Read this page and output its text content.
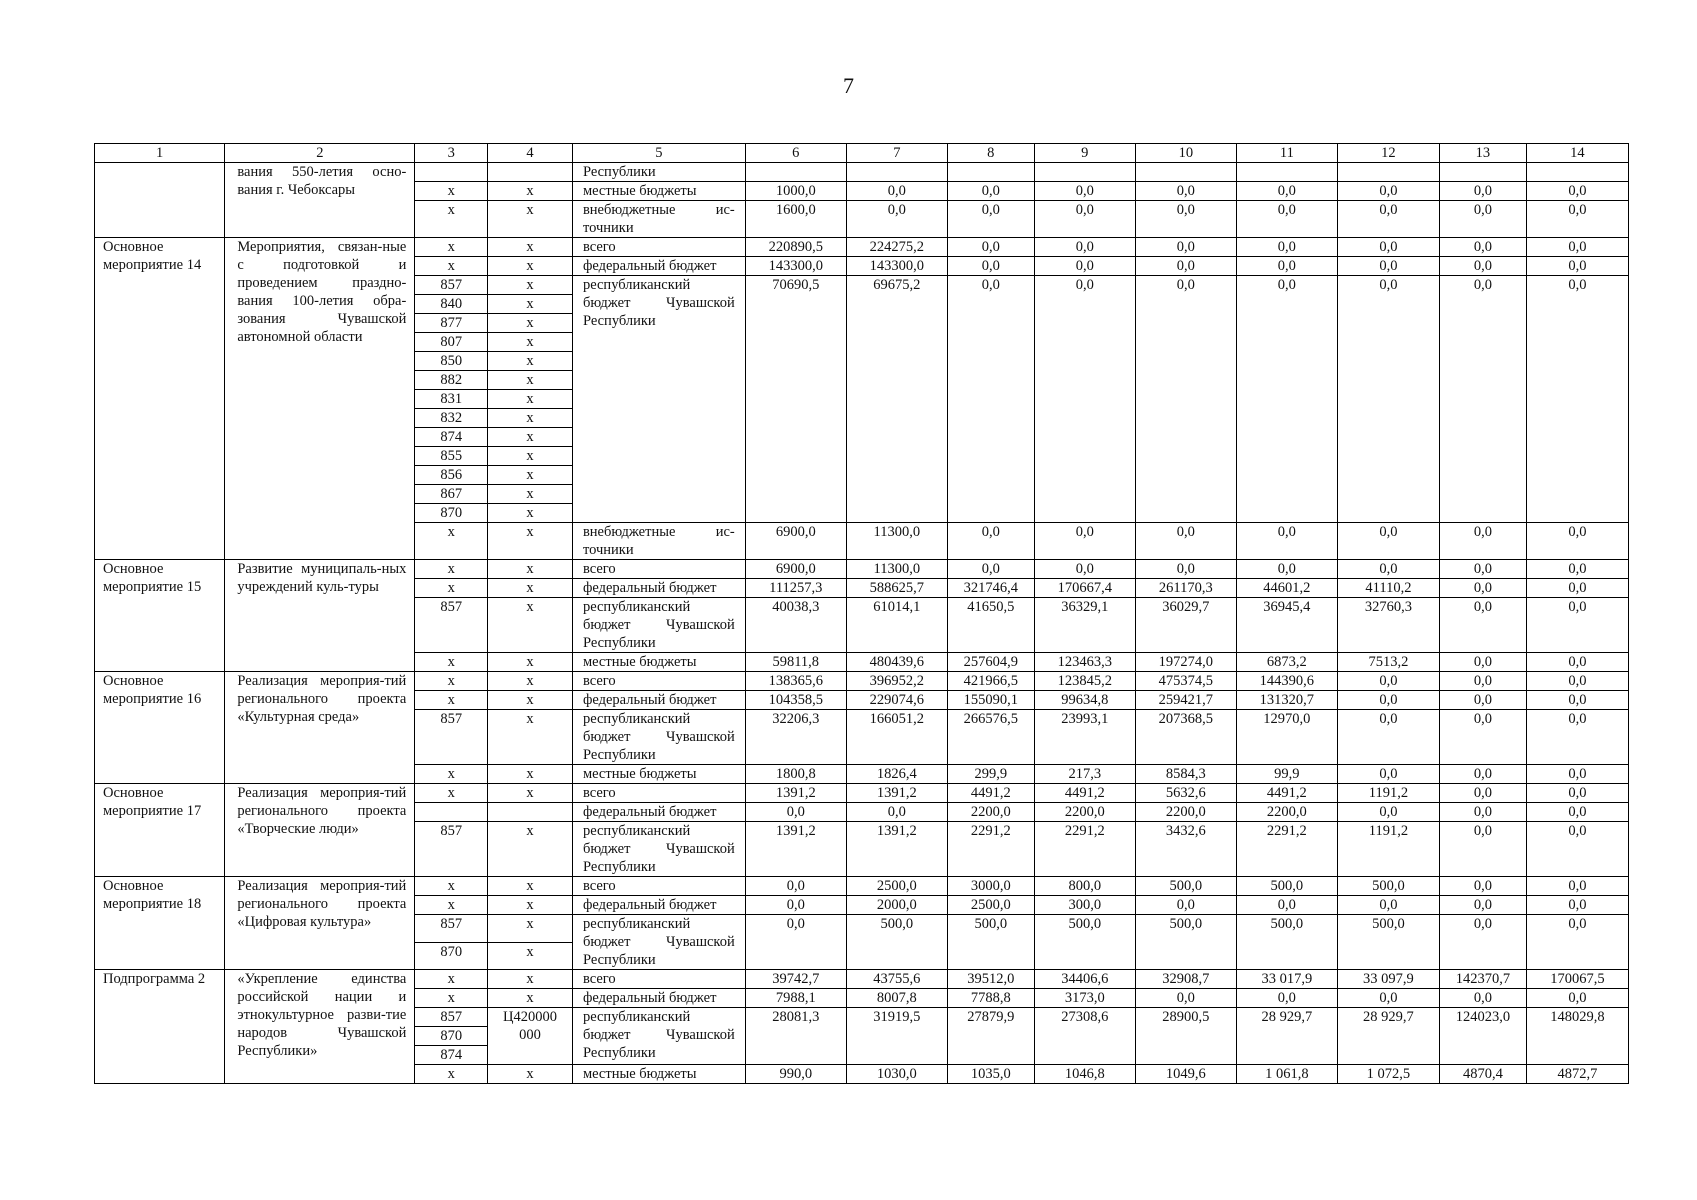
7
1	2	3	4	5	6	7	8	9	10	11	12	13	14
	вания 550-летия осно-вания г. Чебоксары			Республики									
		х	х	местные бюджеты	1000,0	0,0	0,0	0,0	0,0	0,0	0,0	0,0	0,0
		х	х	внебюджетные ис-точники	1600,0	0,0	0,0	0,0	0,0	0,0	0,0	0,0	0,0
Основное мероприятие 14	Мероприятия, связан-ные с подготовкой и проведением праздно-вания 100-летия обра-зования Чувашской автономной области	х	х	всего	220890,5	224275,2	0,0	0,0	0,0	0,0	0,0	0,0	0,0
		х	х	федеральный бюджет	143300,0	143300,0	0,0	0,0	0,0	0,0	0,0	0,0	0,0
		857	х	республиканский бюджет Чувашской Республики	70690,5	69675,2	0,0	0,0	0,0	0,0	0,0	0,0	0,0
		840	х										
		877	х										
		807	х										
		850	х										
		882	х										
		831	х										
		832	х										
		874	х										
		855	х										
		856	х										
		867	х										
		870	х										
		х	х	внебюджетные ис-точники	6900,0	11300,0	0,0	0,0	0,0	0,0	0,0	0,0	0,0
Основное мероприятие 15	Развитие муниципаль-ных учреждений куль-туры	х	х	всего	6900,0	11300,0	0,0	0,0	0,0	0,0	0,0	0,0	0,0
		х	х	федеральный бюджет	111257,3	588625,7	321746,4	170667,4	261170,3	44601,2	41110,2	0,0	0,0
		857	х	республиканский бюджет Чувашской Республики	40038,3	61014,1	41650,5	36329,1	36029,7	36945,4	32760,3	0,0	0,0
		х	х	местные бюджеты	59811,8	480439,6	257604,9	123463,3	197274,0	6873,2	7513,2	0,0	0,0
Основное мероприятие 16	Реализация мероприя-тий регионального проекта «Культурная среда»	х	х	всего	138365,6	396952,2	421966,5	123845,2	475374,5	144390,6	0,0	0,0	0,0
		х	х	федеральный бюджет	104358,5	229074,6	155090,1	99634,8	259421,7	131320,7	0,0	0,0	0,0
		857	х	республиканский бюджет Чувашской Республики	32206,3	166051,2	266576,5	23993,1	207368,5	12970,0	0,0	0,0	0,0
		х	х	местные бюджеты	1800,8	1826,4	299,9	217,3	8584,3	99,9	0,0	0,0	0,0
Основное мероприятие 17	Реализация мероприя-тий регионального проекта «Творческие люди»	х	х	всего	1391,2	1391,2	4491,2	4491,2	5632,6	4491,2	1191,2	0,0	0,0
				федеральный бюджет	0,0	0,0	2200,0	2200,0	2200,0	2200,0	0,0	0,0	0,0
		857	х	республиканский бюджет Чувашской Республики	1391,2	1391,2	2291,2	2291,2	3432,6	2291,2	1191,2	0,0	0,0
Основное мероприятие 18	Реализация мероприя-тий регионального проекта «Цифровая культура»	х	х	всего	0,0	2500,0	3000,0	800,0	500,0	500,0	500,0	0,0	0,0
		х	х	федеральный бюджет	0,0	2000,0	2500,0	300,0	0,0	0,0	0,0	0,0	0,0
		857	х	республиканский бюджет Чувашской Республики	0,0	500,0	500,0	500,0	500,0	500,0	500,0	0,0	0,0
		870	х										
Подпрограмма 2	«Укрепление единства российской нации и этнокультурное разви-тие народов Чувашской Республики»	х	х	всего	39742,7	43755,6	39512,0	34406,6	32908,7	33 017,9	33 097,9	142370,7	170067,5
		х	х	федеральный бюджет	7988,1	8007,8	7788,8	3173,0	0,0	0,0	0,0	0,0	0,0
		857	Ц420000 000	республиканский бюджет Чувашской Республики	28081,3	31919,5	27879,9	27308,6	28900,5	28 929,7	28 929,7	124023,0	148029,8
		870											
		874											
		х	х	местные бюджеты	990,0	1030,0	1035,0	1046,8	1049,6	1 061,8	1 072,5	4870,4	4872,7
